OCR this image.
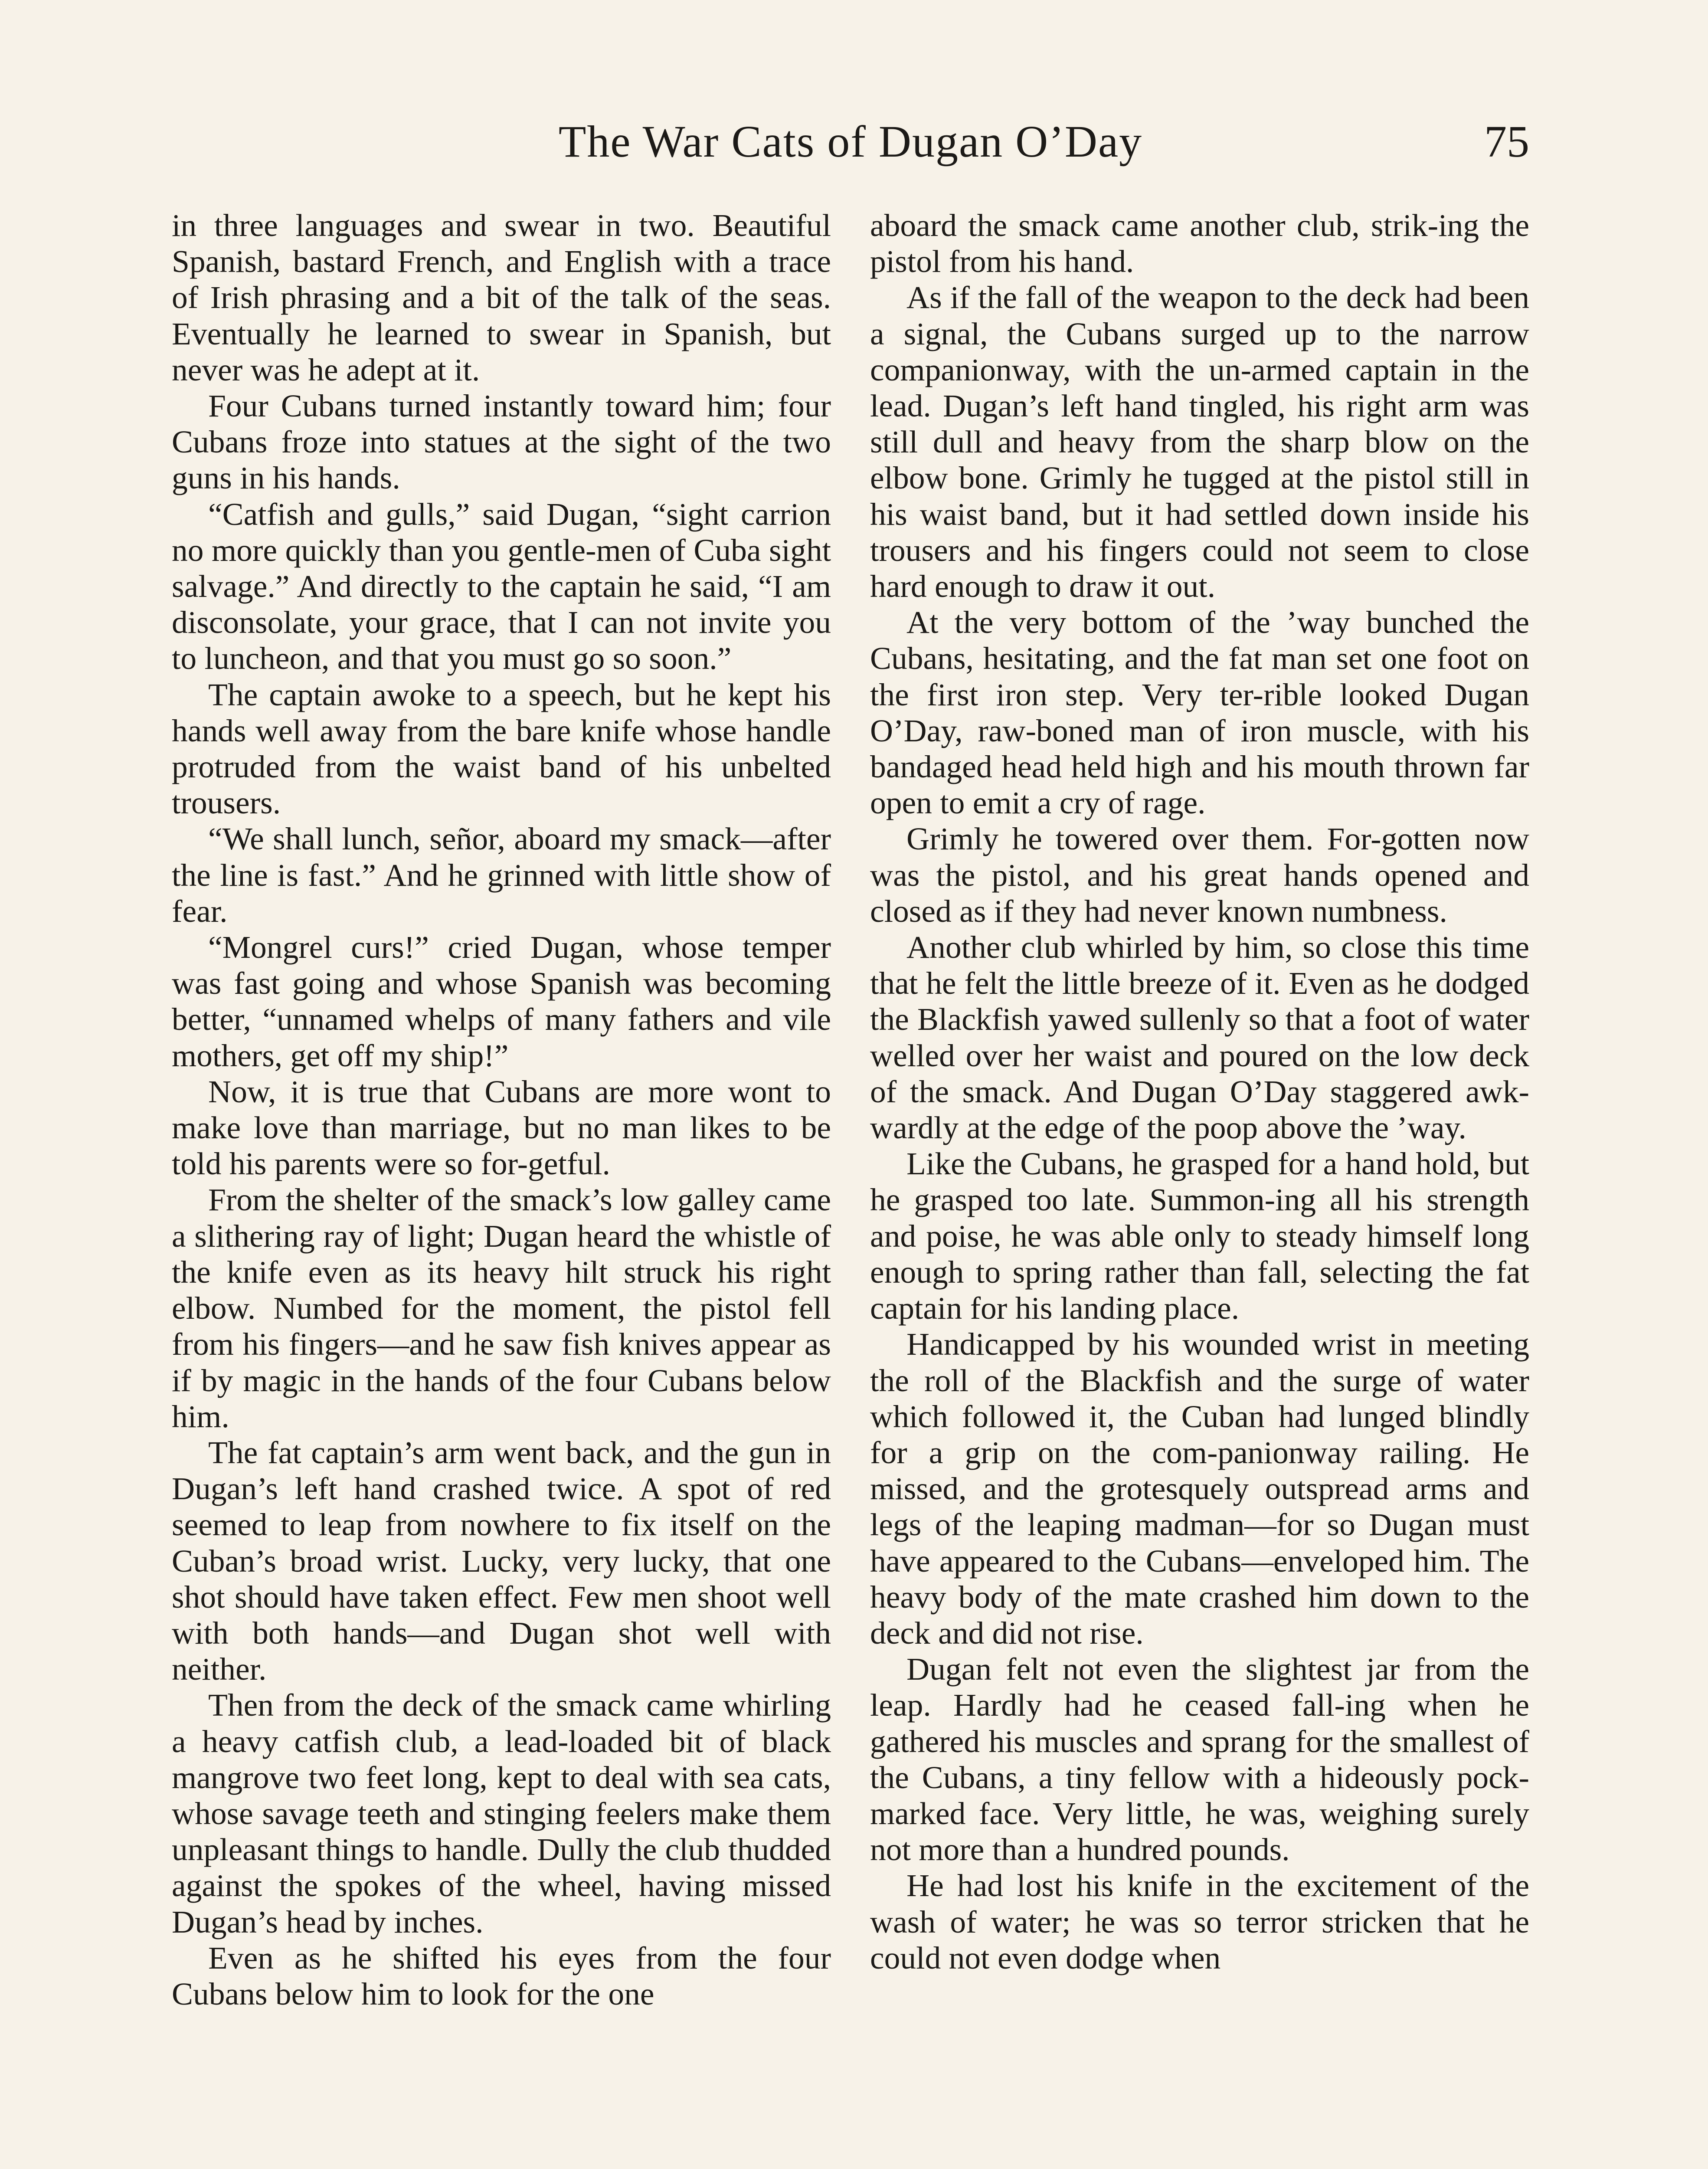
The War Cats of Dugan O’Day	75

in three languages and swear in two. Beautiful Spanish, bastard French, and English with a trace of Irish phrasing and a bit of the talk of the seas. Eventually he learned to swear in Spanish, but never was he adept at it.

Four Cubans turned instantly toward him; four Cubans froze into statues at the sight of the two guns in his hands.

“Catfish and gulls,” said Dugan, “sight carrion no more quickly than you gentle-men of Cuba sight salvage.” And directly to the captain he said, “I am disconsolate, your grace, that I can not invite you to luncheon, and that you must go so soon.”

The captain awoke to a speech, but he kept his hands well away from the bare knife whose handle protruded from the waist band of his unbelted trousers.

“We shall lunch, señor, aboard my smack—after the line is fast.” And he grinned with little show of fear.

“Mongrel curs!” cried Dugan, whose temper was fast going and whose Spanish was becoming better, “unnamed whelps of many fathers and vile mothers, get off my ship!”

Now, it is true that Cubans are more wont to make love than marriage, but no man likes to be told his parents were so for-getful.

From the shelter of the smack’s low galley came a slithering ray of light; Dugan heard the whistle of the knife even as its heavy hilt struck his right elbow. Numbed for the moment, the pistol fell from his fingers—and he saw fish knives appear as if by magic in the hands of the four Cubans below him.

The fat captain’s arm went back, and the gun in Dugan’s left hand crashed twice. A spot of red seemed to leap from nowhere to fix itself on the Cuban’s broad wrist. Lucky, very lucky, that one shot should have taken effect. Few men shoot well with both hands—and Dugan shot well with neither.

Then from the deck of the smack came whirling a heavy catfish club, a lead-loaded bit of black mangrove two feet long, kept to deal with sea cats, whose savage teeth and stinging feelers make them unpleasant things to handle. Dully the club thudded against the spokes of the wheel, having missed Dugan’s head by inches.

Even as he shifted his eyes from the four Cubans below him to look for the one

aboard the smack came another club, strik-ing the pistol from his hand.

As if the fall of the weapon to the deck had been a signal, the Cubans surged up to the narrow companionway, with the un-armed captain in the lead. Dugan’s left hand tingled, his right arm was still dull and heavy from the sharp blow on the elbow bone. Grimly he tugged at the pistol still in his waist band, but it had settled down inside his trousers and his fingers could not seem to close hard enough to draw it out.

At the very bottom of the ’way bunched the Cubans, hesitating, and the fat man set one foot on the first iron step. Very ter-rible looked Dugan O’Day, raw-boned man of iron muscle, with his bandaged head held high and his mouth thrown far open to emit a cry of rage.

Grimly he towered over them. For-gotten now was the pistol, and his great hands opened and closed as if they had never known numbness.

Another club whirled by him, so close this time that he felt the little breeze of it. Even as he dodged the Blackfish yawed sullenly so that a foot of water welled over her waist and poured on the low deck of the smack. And Dugan O’Day staggered awk-wardly at the edge of the poop above the ’way.

Like the Cubans, he grasped for a hand hold, but he grasped too late. Summon-ing all his strength and poise, he was able only to steady himself long enough to spring rather than fall, selecting the fat captain for his landing place.

Handicapped by his wounded wrist in meeting the roll of the Blackfish and the surge of water which followed it, the Cuban had lunged blindly for a grip on the com-panionway railing. He missed, and the grotesquely outspread arms and legs of the leaping madman—for so Dugan must have appeared to the Cubans—enveloped him. The heavy body of the mate crashed him down to the deck and did not rise.

Dugan felt not even the slightest jar from the leap. Hardly had he ceased fall-ing when he gathered his muscles and sprang for the smallest of the Cubans, a tiny fellow with a hideously pock-marked face. Very little, he was, weighing surely not more than a hundred pounds.

He had lost his knife in the excitement of the wash of water; he was so terror stricken that he could not even dodge when
